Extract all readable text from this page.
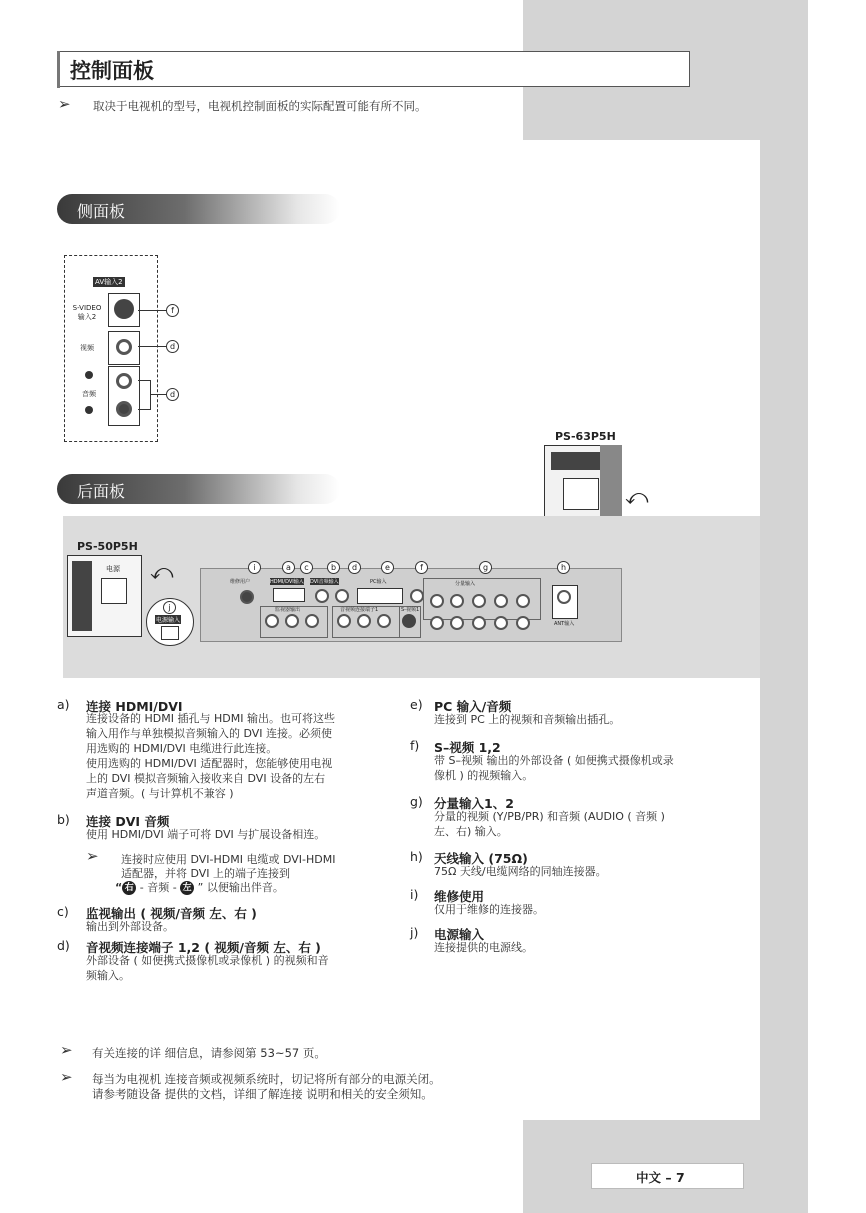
控制面板
➢ 取决于电视机的型号，电视机控制面板的实际配置可能有所不同。
侧面板
AV输入2
S-VIDEO
输入2
视频
音频
f
d
d
PS-63P5H
⤺
后面板
PS-50P5H
电源 ⤺
j
电源输入
i	a	c	b	d	e	f	g	h
维修用户	HDMI/DVI输入 DVI音频输入	PC输入	分量输入
ANT输入
监视器输出	音视频连接端子1	S-视频1
a) 连接 HDMI/DVI
连接设备的 HDMI 插孔与 HDMI 输出。也可将这些
输入用作与单独模拟音频输入的 DVI 连接。必须使
用选购的 HDMI/DVI 电缆进行此连接。
使用选购的 HDMI/DVI 适配器时，您能够使用电视
上的 DVI 模拟音频输入接收来自 DVI 设备的左右
声道音频。( 与计算机不兼容 )
b) 连接 DVI 音频
使用 HDMI/DVI 端子可将 DVI 与扩展设备相连。
➢ 连接时应使用 DVI-HDMI 电缆或 DVI-HDMI
适配器，并将 DVI 上的端子连接到
“ 右 - 音频 - 左 ” 以便输出伴音。
c) 监视输出 ( 视频/音频 左、右 )
输出到外部设备。
d) 音视频连接端子 1,2 ( 视频/音频 左、右 )
外部设备 ( 如便携式摄像机或录像机 ) 的视频和音
频输入。
e) PC 输入/音频
连接到 PC 上的视频和音频输出插孔。
f) S–视频 1,2
带 S–视频 输出的外部设备 ( 如便携式摄像机或录
像机 ) 的视频输入。
g) 分量输入1、2
分量的视频 (Y/PB/PR) 和音频 (AUDIO ( 音频 )
左、右) 输入。
h) 天线输入 (75Ω)
75Ω 天线/电缆网络的同轴连接器。
i) 维修使用
仅用于维修的连接器。
j) 电源输入
连接提供的电源线。
➢ 有关连接的详 细信息，请参阅第 53~57 页。
➢ 每当为电视机 连接音频或视频系统时，切记将所有部分的电源关闭。
请参考随设备 提供的文档，详细了解连接 说明和相关的安全须知。
中文 – 7
